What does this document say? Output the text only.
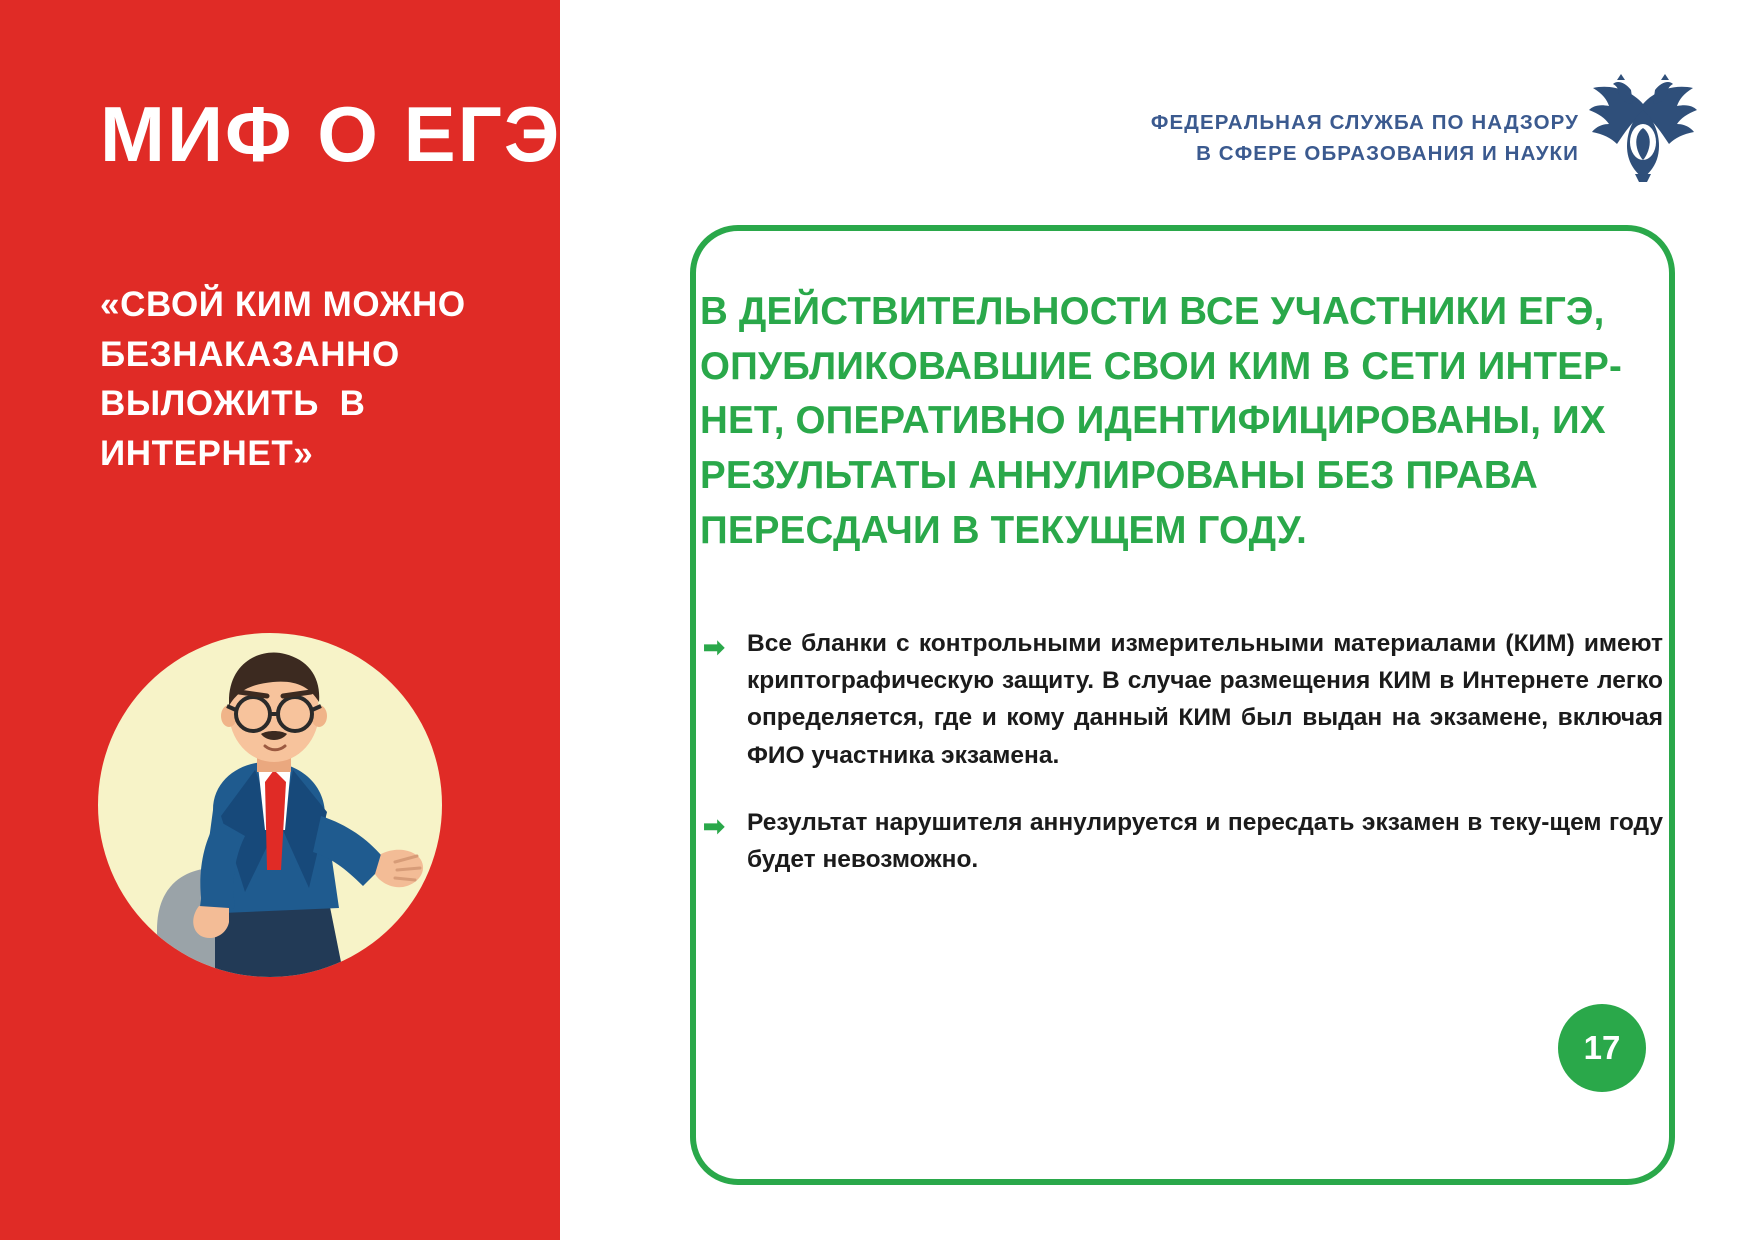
МИФ О ЕГЭ
«СВОЙ КИМ МОЖНО БЕЗНАКАЗАННО ВЫЛОЖИТЬ  В ИНТЕРНЕТ»
ФЕДЕРАЛЬНАЯ СЛУЖБА ПО НАДЗОРУ
В СФЕРЕ ОБРАЗОВАНИЯ И НАУКИ
В ДЕЙСТВИТЕЛЬНОСТИ ВСЕ УЧАСТНИКИ ЕГЭ, ОПУБЛИКОВАВШИЕ СВОИ КИМ В СЕТИ ИНТЕР-НЕТ, ОПЕРАТИВНО ИДЕНТИФИЦИРОВАНЫ, ИХ РЕЗУЛЬТАТЫ АННУЛИРОВАНЫ БЕЗ ПРАВА ПЕРЕСДАЧИ В ТЕКУЩЕМ ГОДУ.
➡ Все бланки с контрольными измерительными материалами (КИМ) имеют криптографическую защиту. В случае размещения КИМ в Интернете легко определяется, где и кому данный КИМ был выдан на экзамене, включая ФИО участника экзамена.
➡ Результат нарушителя аннулируется и пересдать экзамен в теку-щем году будет невозможно.
17
